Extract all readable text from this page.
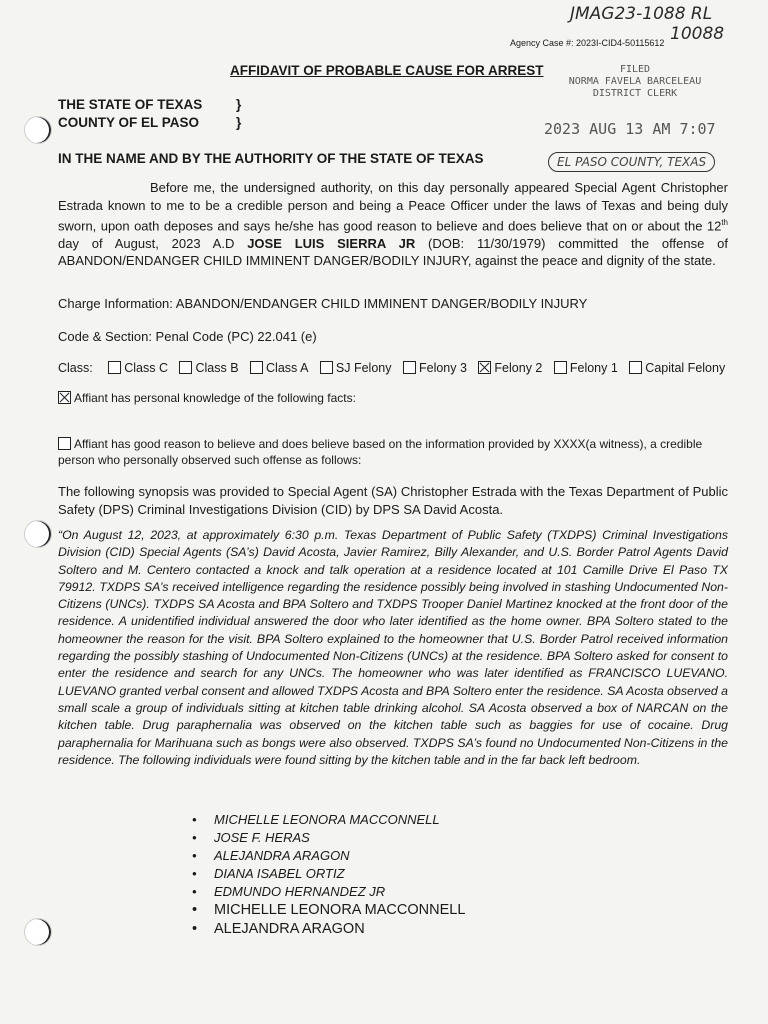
JMAG23-1088 RL
10088
Agency Case #: 2023I-CID4-50115612
AFFIDAVIT OF PROBABLE CAUSE FOR ARREST	FILED
NORMA FAVELA BARCELEAU
DISTRICT CLERK
2023 AUG 13 AM 7:07
EL PASO COUNTY, TEXAS
THE STATE OF TEXAS
COUNTY OF EL PASO
}
}
IN THE NAME AND BY THE AUTHORITY OF THE STATE OF TEXAS
Before me, the undersigned authority, on this day personally appeared Special Agent Christopher Estrada known to me to be a credible person and being a Peace Officer under the laws of Texas and being duly sworn, upon oath deposes and says he/she has good reason to believe and does believe that on or about the 12th day of August, 2023 A.D JOSE LUIS SIERRA JR (DOB: 11/30/1979) committed the offense of ABANDON/ENDANGER CHILD IMMINENT DANGER/BODILY INJURY, against the peace and dignity of the state.
Charge Information: ABANDON/ENDANGER CHILD IMMINENT DANGER/BODILY INJURY
Code & Section: Penal Code (PC) 22.041 (e)
Class:	Class C Class B Class A SJ Felony Felony 3 Felony 2 Felony 1 Capital Felony
Affiant has personal knowledge of the following facts:
Affiant has good reason to believe and does believe based on the information provided by XXXX(a witness), a credible person who personally observed such offense as follows:
The following synopsis was provided to Special Agent (SA) Christopher Estrada with the Texas Department of Public Safety (DPS) Criminal Investigations Division (CID) by DPS SA David Acosta.
“On August 12, 2023, at approximately 6:30 p.m. Texas Department of Public Safety (TXDPS) Criminal Investigations Division (CID) Special Agents (SA’s) David Acosta, Javier Ramirez, Billy Alexander, and U.S. Border Patrol Agents David Soltero and M. Centero contacted a knock and talk operation at a residence located at 101 Camille Drive El Paso TX 79912. TXDPS SA’s received intelligence regarding the residence possibly being involved in stashing Undocumented Non-Citizens (UNCs). TXDPS SA Acosta and BPA Soltero and TXDPS Trooper Daniel Martinez knocked at the front door of the residence. A unidentified individual answered the door who later identified as the home owner. BPA Soltero stated to the homeowner the reason for the visit. BPA Soltero explained to the homeowner that U.S. Border Patrol received information regarding the possibly stashing of Undocumented Non-Citizens (UNCs) at the residence. BPA Soltero asked for consent to enter the residence and search for any UNCs. The homeowner who was later identified as FRANCISCO LUEVANO. LUEVANO granted verbal consent and allowed TXDPS Acosta and BPA Soltero enter the residence. SA Acosta observed a small scale a group of individuals sitting at kitchen table drinking alcohol. SA Acosta observed a box of NARCAN on the kitchen table. Drug paraphernalia was observed on the kitchen table such as baggies for use of cocaine. Drug paraphernalia for Marihuana such as bongs were also observed. TXDPS SA’s found no Undocumented Non-Citizens in the residence. The following individuals were found sitting by the kitchen table and in the far back left bedroom.
• MICHELLE LEONORA MACCONNELL
• JOSE F. HERAS
• ALEJANDRA ARAGON
• DIANA ISABEL ORTIZ
• EDMUNDO HERNANDEZ JR
• MICHELLE LEONORA MACCONNELL
• ALEJANDRA ARAGON
